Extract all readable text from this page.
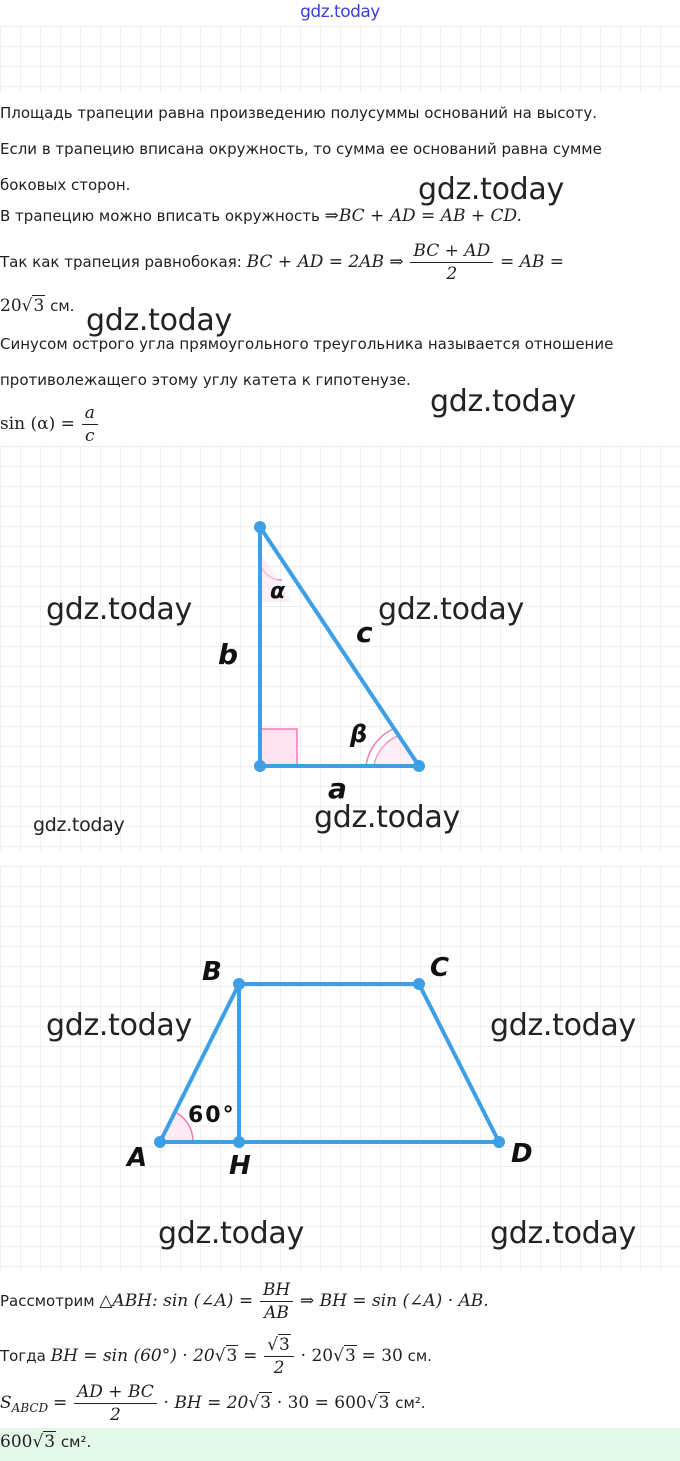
gdz.today
Площадь трапеции равна произведению полусуммы оснований на высоту.
Если в трапецию вписана окружность, то сумма ее оснований равна сумме
боковых сторон.
В трапецию можно вписать окружность ⇒BC + AD = AB + CD.
Так как трапеция равнобокая: BC + AD = 2AB ⇒ $\frac{BC + AD}{2}$ = AB =
20√3 см.
Синусом острого угла прямоугольного треугольника называется отношение
противолежащего этому углу катета к гипотенузе.
$\sin (\alpha) = \frac{a}{c}$
gdz.today
gdz.today
gdz.today
α
β
b
c
a
gdz.today	gdz.today
gdz.today
gdz.today
A
B	C
D
H
60°
gdz.today	gdz.today
gdz.today	gdz.today
Рассмотрим △ABH: sin (∠A) = $\frac{BH}{AB}$ ⇒ BH = sin (∠A) · AB.
Тогда BH = $\sin (60^\circ) \cdot 20√3 = \frac{√3}{2} \cdot 20√3 = 30$ см.
$S_{ABCD} = \frac{AD + BC}{2}$ · BH = 20√3 · 30 = 600√3 см².
600√3 см².
